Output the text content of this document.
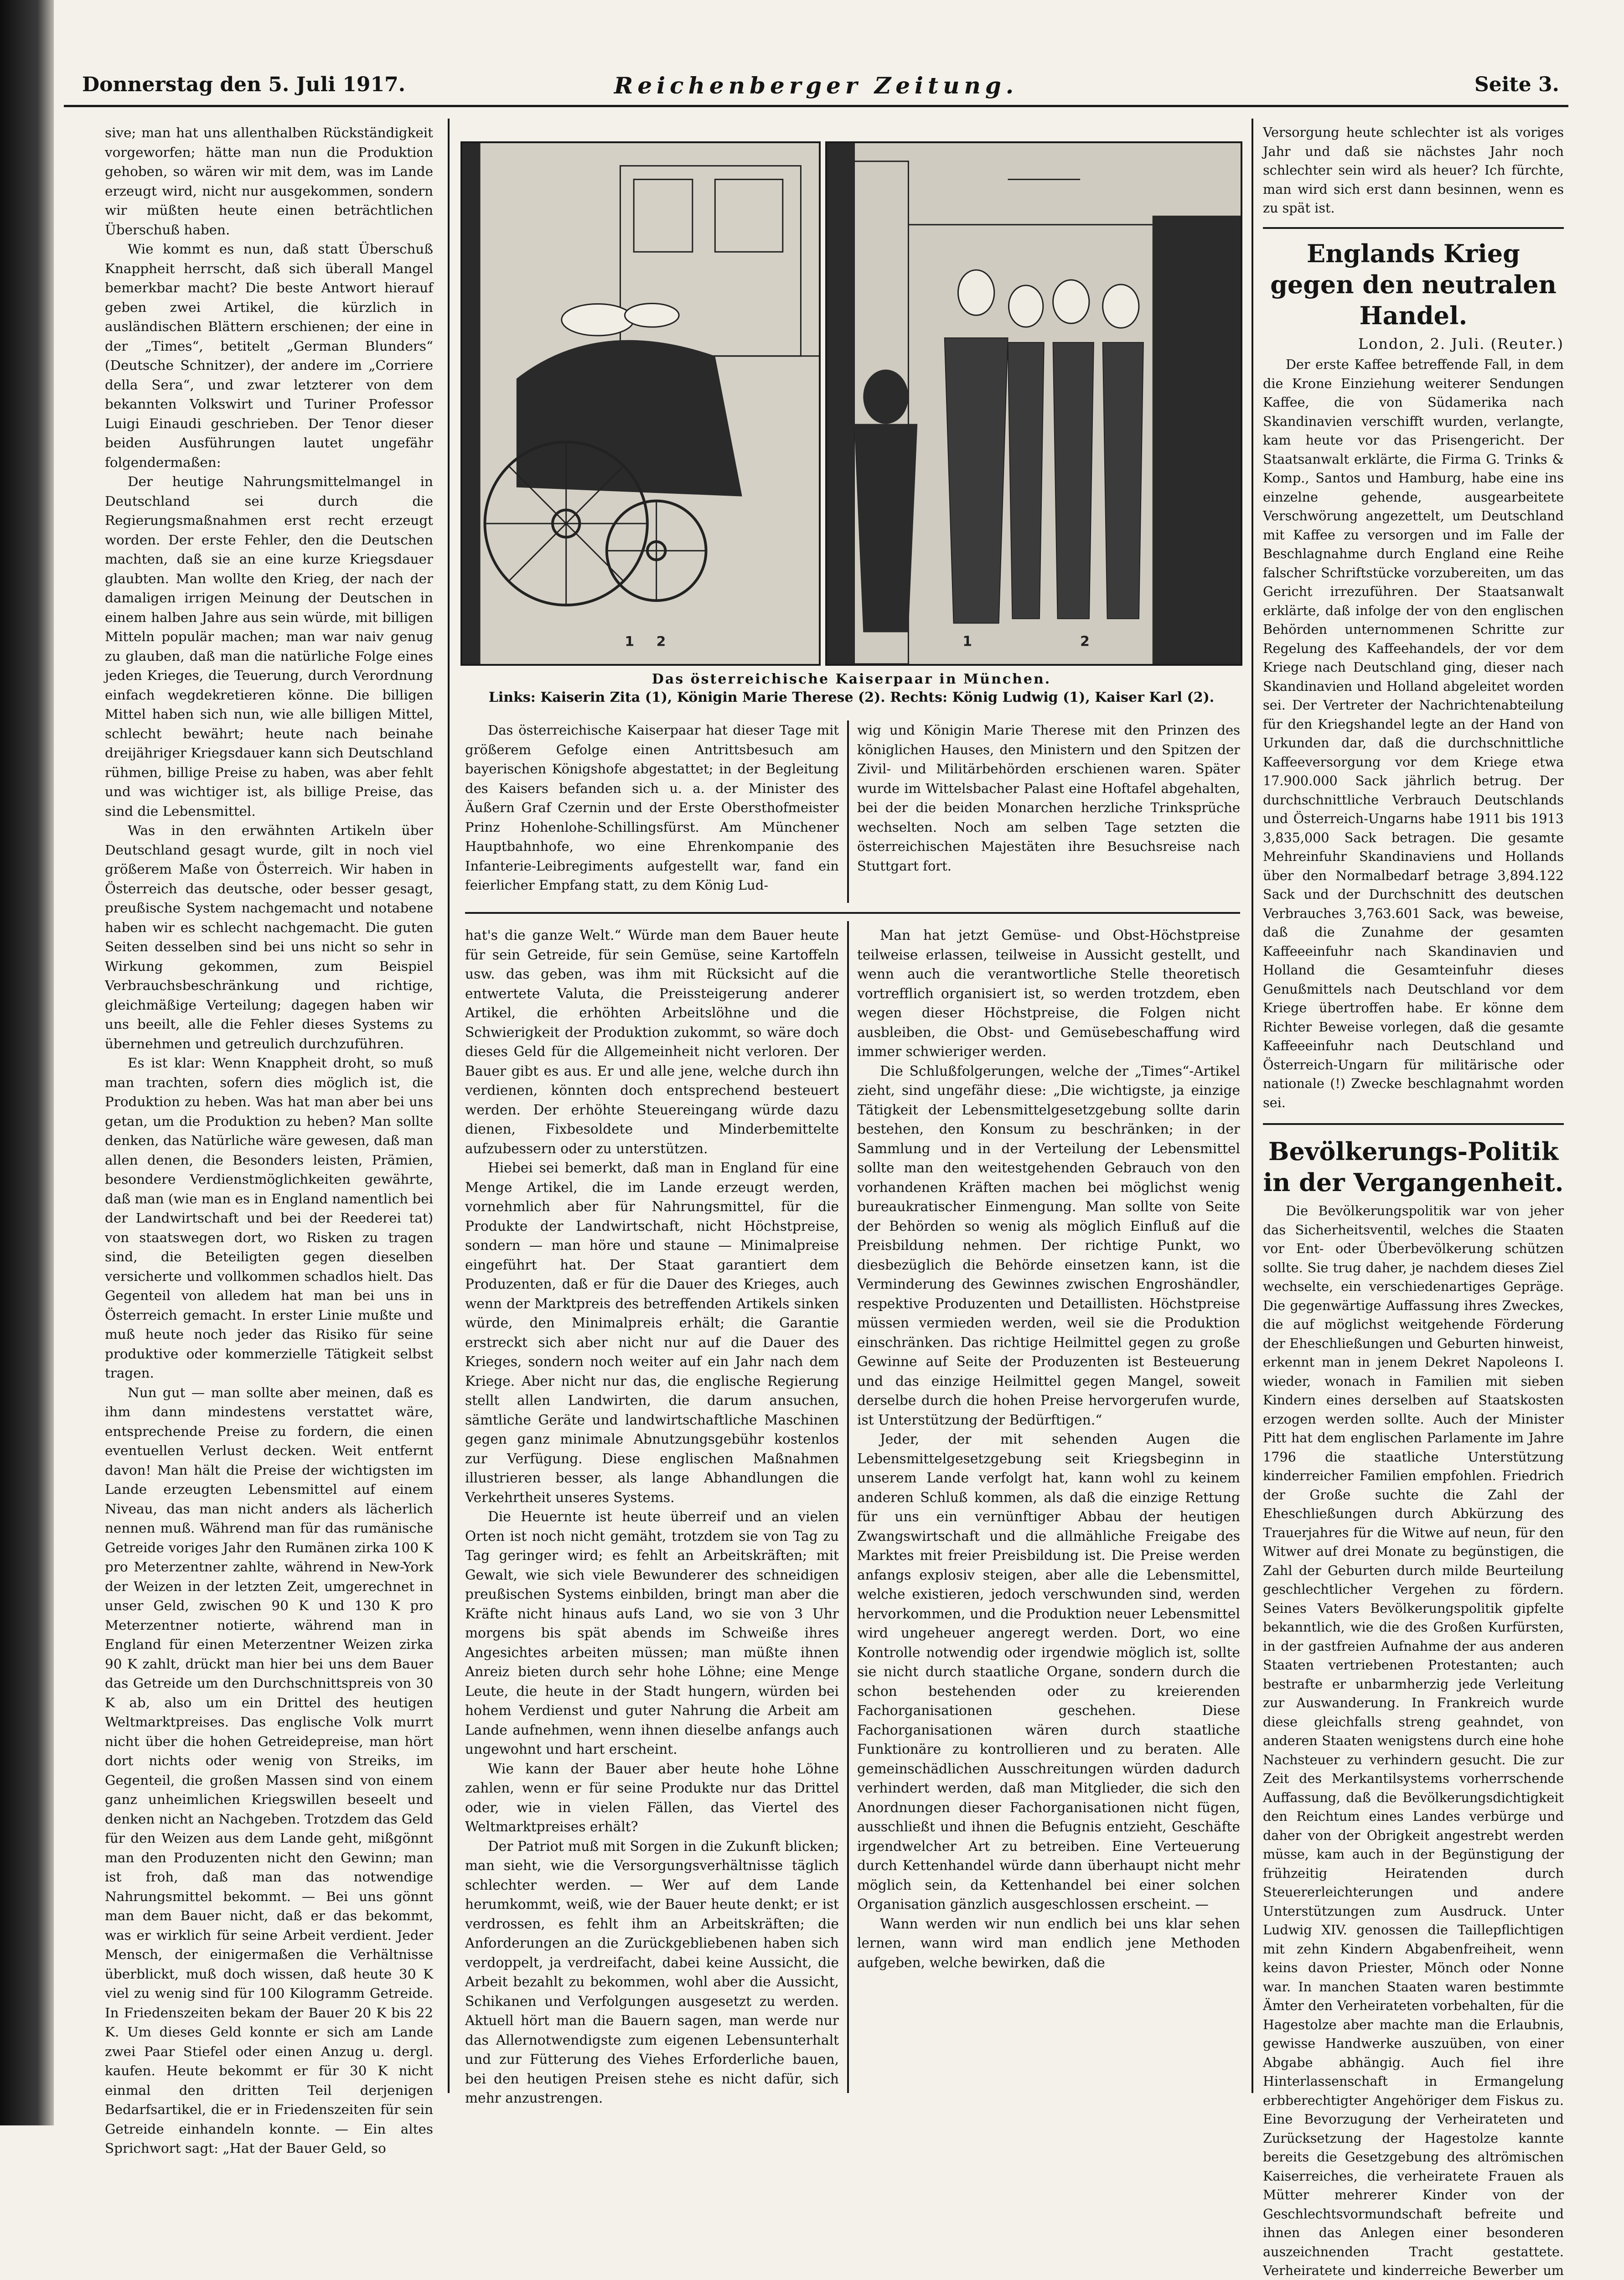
Donnerstag den 5. Juli 1917.	Reichenberger Zeitung.	Seite 3.

sive; man hat uns allenthalben Rückständigkeit vorgeworfen; hätte man nun die Produktion gehoben, so wären wir mit dem, was im Lande erzeugt wird, nicht nur ausgekommen, sondern wir müßten heute einen beträchtlichen Überschuß haben.

Wie kommt es nun, daß statt Überschuß Knappheit herrscht, daß sich überall Mangel bemerkbar macht? Die beste Antwort hierauf geben zwei Artikel, die kürzlich in ausländischen Blättern erschienen; der eine in der „Times“, betitelt „German Blunders“ (Deutsche Schnitzer), der andere im „Corriere della Sera“, und zwar letzterer von dem bekannten Volkswirt und Turiner Professor Luigi Einaudi geschrieben. Der Tenor dieser beiden Ausführungen lautet ungefähr folgendermaßen:

Der heutige Nahrungsmittelmangel in Deutschland sei durch die Regierungsmaßnahmen erst recht erzeugt worden. Der erste Fehler, den die Deutschen machten, daß sie an eine kurze Kriegsdauer glaubten. Man wollte den Krieg, der nach der damaligen irrigen Meinung der Deutschen in einem halben Jahre aus sein würde, mit billigen Mitteln populär machen; man war naiv genug zu glauben, daß man die natürliche Folge eines jeden Krieges, die Teuerung, durch Verordnung einfach wegdekretieren könne. Die billigen Mittel haben sich nun, wie alle billigen Mittel, schlecht bewährt; heute nach beinahe dreijähriger Kriegsdauer kann sich Deutschland rühmen, billige Preise zu haben, was aber fehlt und was wichtiger ist, als billige Preise, das sind die Lebensmittel.

Was in den erwähnten Artikeln über Deutschland gesagt wurde, gilt in noch viel größerem Maße von Österreich. Wir haben in Österreich das deutsche, oder besser gesagt, preußische System nachgemacht und notabene haben wir es schlecht nachgemacht. Die guten Seiten desselben sind bei uns nicht so sehr in Wirkung gekommen, zum Beispiel Verbrauchsbeschränkung und richtige, gleichmäßige Verteilung; dagegen haben wir uns beeilt, alle die Fehler dieses Systems zu übernehmen und getreulich durchzuführen.

Es ist klar: Wenn Knappheit droht, so muß man trachten, sofern dies möglich ist, die Produktion zu heben. Was hat man aber bei uns getan, um die Produktion zu heben? Man sollte denken, das Natürliche wäre gewesen, daß man allen denen, die Besonders leisten, Prämien, besondere Verdienstmöglichkeiten gewährte, daß man (wie man es in England namentlich bei der Landwirtschaft und bei der Reederei tat) von staatswegen dort, wo Risken zu tragen sind, die Beteiligten gegen dieselben versicherte und vollkommen schadlos hielt. Das Gegenteil von alledem hat man bei uns in Österreich gemacht. In erster Linie mußte und muß heute noch jeder das Risiko für seine produktive oder kommerzielle Tätigkeit selbst tragen.

Nun gut — man sollte aber meinen, daß es ihm dann mindestens verstattet wäre, entsprechende Preise zu fordern, die einen eventuellen Verlust decken. Weit entfernt davon! Man hält die Preise der wichtigsten im Lande erzeugten Lebensmittel auf einem Niveau, das man nicht anders als lächerlich nennen muß. Während man für das rumänische Getreide voriges Jahr den Rumänen zirka 100 K pro Meterzentner zahlte, während in New-York der Weizen in der letzten Zeit, umgerechnet in unser Geld, zwischen 90 K und 130 K pro Meterzentner notierte, während man in England für einen Meterzentner Weizen zirka 90 K zahlt, drückt man hier bei uns dem Bauer das Getreide um den Durchschnittspreis von 30 K ab, also um ein Drittel des heutigen Weltmarktpreises. Das englische Volk murrt nicht über die hohen Getreidepreise, man hört dort nichts oder wenig von Streiks, im Gegenteil, die großen Massen sind von einem ganz unheimlichen Kriegswillen beseelt und denken nicht an Nachgeben. Trotzdem das Geld für den Weizen aus dem Lande geht, mißgönnt man den Produzenten nicht den Gewinn; man ist froh, daß man das notwendige Nahrungsmittel bekommt. — Bei uns gönnt man dem Bauer nicht, daß er das bekommt, was er wirklich für seine Arbeit verdient. Jeder Mensch, der einigermaßen die Verhältnisse überblickt, muß doch wissen, daß heute 30 K viel zu wenig sind für 100 Kilogramm Getreide. In Friedenszeiten bekam der Bauer 20 K bis 22 K. Um dieses Geld konnte er sich am Lande zwei Paar Stiefel oder einen Anzug u. dergl. kaufen. Heute bekommt er für 30 K nicht einmal den dritten Teil derjenigen Bedarfsartikel, die er in Friedenszeiten für sein Getreide einhandeln konnte. — Ein altes Sprichwort sagt: „Hat der Bauer Geld, so

1 2	1	2
Das österreichische Kaiserpaar in München.
Links: Kaiserin Zita (1), Königin Marie Therese (2). Rechts: König Ludwig (1), Kaiser Karl (2).

Das österreichische Kaiserpaar hat dieser Tage mit größerem Gefolge einen Antrittsbesuch am bayerischen Königshofe abgestattet; in der Begleitung des Kaisers befanden sich u. a. der Minister des Äußern Graf Czernin und der Erste Obersthofmeister Prinz Hohenlohe-Schillingsfürst. Am Münchener Hauptbahnhofe, wo eine Ehrenkompanie des Infanterie-Leibregiments aufgestellt war, fand ein feierlicher Empfang statt, zu dem König Lud-

wig und Königin Marie Therese mit den Prinzen des königlichen Hauses, den Ministern und den Spitzen der Zivil- und Militärbehörden erschienen waren. Später wurde im Wittelsbacher Palast eine Hoftafel abgehalten, bei der die beiden Monarchen herzliche Trinksprüche wechselten. Noch am selben Tage setzten die österreichischen Majestäten ihre Besuchsreise nach Stuttgart fort.

hat's die ganze Welt.“ Würde man dem Bauer heute für sein Getreide, für sein Gemüse, seine Kartoffeln usw. das geben, was ihm mit Rücksicht auf die entwertete Valuta, die Preissteigerung anderer Artikel, die erhöhten Arbeitslöhne und die Schwierigkeit der Produktion zukommt, so wäre doch dieses Geld für die Allgemeinheit nicht verloren. Der Bauer gibt es aus. Er und alle jene, welche durch ihn verdienen, könnten doch entsprechend besteuert werden. Der erhöhte Steuereingang würde dazu dienen, Fixbesoldete und Minderbemittelte aufzubessern oder zu unterstützen.

Hiebei sei bemerkt, daß man in England für eine Menge Artikel, die im Lande erzeugt werden, vornehmlich aber für Nahrungsmittel, für die Produkte der Landwirtschaft, nicht Höchstpreise, sondern — man höre und staune — Minimalpreise eingeführt hat. Der Staat garantiert dem Produzenten, daß er für die Dauer des Krieges, auch wenn der Marktpreis des betreffenden Artikels sinken würde, den Minimalpreis erhält; die Garantie erstreckt sich aber nicht nur auf die Dauer des Krieges, sondern noch weiter auf ein Jahr nach dem Kriege. Aber nicht nur das, die englische Regierung stellt allen Landwirten, die darum ansuchen, sämtliche Geräte und landwirtschaftliche Maschinen gegen ganz minimale Abnutzungsgebühr kostenlos zur Verfügung. Diese englischen Maßnahmen illustrieren besser, als lange Abhandlungen die Verkehrtheit unseres Systems.

Die Heuernte ist heute überreif und an vielen Orten ist noch nicht gemäht, trotzdem sie von Tag zu Tag geringer wird; es fehlt an Arbeitskräften; mit Gewalt, wie sich viele Bewunderer des schneidigen preußischen Systems einbilden, bringt man aber die Kräfte nicht hinaus aufs Land, wo sie von 3 Uhr morgens bis spät abends im Schweiße ihres Angesichtes arbeiten müssen; man müßte ihnen Anreiz bieten durch sehr hohe Löhne; eine Menge Leute, die heute in der Stadt hungern, würden bei hohem Verdienst und guter Nahrung die Arbeit am Lande aufnehmen, wenn ihnen dieselbe anfangs auch ungewohnt und hart erscheint.

Wie kann der Bauer aber heute hohe Löhne zahlen, wenn er für seine Produkte nur das Drittel oder, wie in vielen Fällen, das Viertel des Weltmarktpreises erhält?

Der Patriot muß mit Sorgen in die Zukunft blicken; man sieht, wie die Versorgungsverhältnisse täglich schlechter werden. — Wer auf dem Lande herumkommt, weiß, wie der Bauer heute denkt; er ist verdrossen, es fehlt ihm an Arbeitskräften; die Anforderungen an die Zurückgebliebenen haben sich verdoppelt, ja verdreifacht, dabei keine Aussicht, die Arbeit bezahlt zu bekommen, wohl aber die Aussicht, Schikanen und Verfolgungen ausgesetzt zu werden. Aktuell hört man die Bauern sagen, man werde nur das Allernotwendigste zum eigenen Lebensunterhalt und zur Fütterung des Viehes Erforderliche bauen, bei den heutigen Preisen stehe es nicht dafür, sich mehr anzustrengen.

Man hat jetzt Gemüse- und Obst-Höchstpreise teilweise erlassen, teilweise in Aussicht gestellt, und wenn auch die verantwortliche Stelle theoretisch vortrefflich organisiert ist, so werden trotzdem, eben wegen dieser Höchstpreise, die Folgen nicht ausbleiben, die Obst- und Gemüsebeschaffung wird immer schwieriger werden.

Die Schlußfolgerungen, welche der „Times“-Artikel zieht, sind ungefähr diese: „Die wichtigste, ja einzige Tätigkeit der Lebensmittelgesetzgebung sollte darin bestehen, den Konsum zu beschränken; in der Sammlung und in der Verteilung der Lebensmittel sollte man den weitestgehenden Gebrauch von den vorhandenen Kräften machen bei möglichst wenig bureaukratischer Einmengung. Man sollte von Seite der Behörden so wenig als möglich Einfluß auf die Preisbildung nehmen. Der richtige Punkt, wo diesbezüglich die Behörde einsetzen kann, ist die Verminderung des Gewinnes zwischen Engroshändler, respektive Produzenten und Detaillisten. Höchstpreise müssen vermieden werden, weil sie die Produktion einschränken. Das richtige Heilmittel gegen zu große Gewinne auf Seite der Produzenten ist Besteuerung und das einzige Heilmittel gegen Mangel, soweit derselbe durch die hohen Preise hervorgerufen wurde, ist Unterstützung der Bedürftigen.“

Jeder, der mit sehenden Augen die Lebensmittelgesetzgebung seit Kriegsbeginn in unserem Lande verfolgt hat, kann wohl zu keinem anderen Schluß kommen, als daß die einzige Rettung für uns ein vernünftiger Abbau der heutigen Zwangswirtschaft und die allmähliche Freigabe des Marktes mit freier Preisbildung ist. Die Preise werden anfangs explosiv steigen, aber alle die Lebensmittel, welche existieren, jedoch verschwunden sind, werden hervorkommen, und die Produktion neuer Lebensmittel wird ungeheuer angeregt werden. Dort, wo eine Kontrolle notwendig oder irgendwie möglich ist, sollte sie nicht durch staatliche Organe, sondern durch die schon bestehenden oder zu kreierenden Fachorganisationen geschehen. Diese Fachorganisationen wären durch staatliche Funktionäre zu kontrollieren und zu beraten. Alle gemeinschädlichen Ausschreitungen würden dadurch verhindert werden, daß man Mitglieder, die sich den Anordnungen dieser Fachorganisationen nicht fügen, ausschließt und ihnen die Befugnis entzieht, Geschäfte irgendwelcher Art zu betreiben. Eine Verteuerung durch Kettenhandel würde dann überhaupt nicht mehr möglich sein, da Kettenhandel bei einer solchen Organisation gänzlich ausgeschlossen erscheint. —

Wann werden wir nun endlich bei uns klar sehen lernen, wann wird man endlich jene Methoden aufgeben, welche bewirken, daß die

Versorgung heute schlechter ist als voriges Jahr und daß sie nächstes Jahr noch schlechter sein wird als heuer? Ich fürchte, man wird sich erst dann besinnen, wenn es zu spät ist.

Englands Krieg gegen den neutralen Handel.
London, 2. Juli. (Reuter.)

Der erste Kaffee betreffende Fall, in dem die Krone Einziehung weiterer Sendungen Kaffee, die von Südamerika nach Skandinavien verschifft wurden, verlangte, kam heute vor das Prisengericht. Der Staatsanwalt erklärte, die Firma G. Trinks & Komp., Santos und Hamburg, habe eine ins einzelne gehende, ausgearbeitete Verschwörung angezettelt, um Deutschland mit Kaffee zu versorgen und im Falle der Beschlagnahme durch England eine Reihe falscher Schriftstücke vorzubereiten, um das Gericht irrezuführen. Der Staatsanwalt erklärte, daß infolge der von den englischen Behörden unternommenen Schritte zur Regelung des Kaffeehandels, der vor dem Kriege nach Deutschland ging, dieser nach Skandinavien und Holland abgeleitet worden sei. Der Vertreter der Nachrichtenabteilung für den Kriegshandel legte an der Hand von Urkunden dar, daß die durchschnittliche Kaffeeversorgung vor dem Kriege etwa 17.900.000 Sack jährlich betrug. Der durchschnittliche Verbrauch Deutschlands und Österreich-Ungarns habe 1911 bis 1913 3,835,000 Sack betragen. Die gesamte Mehreinfuhr Skandinaviens und Hollands über den Normalbedarf betrage 3,894.122 Sack und der Durchschnitt des deutschen Verbrauches 3,763.601 Sack, was beweise, daß die Zunahme der gesamten Kaffeeeinfuhr nach Skandinavien und Holland die Gesamteinfuhr dieses Genußmittels nach Deutschland vor dem Kriege übertroffen habe. Er könne dem Richter Beweise vorlegen, daß die gesamte Kaffeeeinfuhr nach Deutschland und Österreich-Ungarn für militärische oder nationale (!) Zwecke beschlagnahmt worden sei.

Bevölkerungs-Politik in der Vergangenheit.

Die Bevölkerungspolitik war von jeher das Sicherheitsventil, welches die Staaten vor Ent- oder Überbevölkerung schützen sollte. Sie trug daher, je nachdem dieses Ziel wechselte, ein verschiedenartiges Gepräge. Die gegenwärtige Auffassung ihres Zweckes, die auf möglichst weitgehende Förderung der Eheschließungen und Geburten hinweist, erkennt man in jenem Dekret Napoleons I. wieder, wonach in Familien mit sieben Kindern eines derselben auf Staatskosten erzogen werden sollte. Auch der Minister Pitt hat dem englischen Parlamente im Jahre 1796 die staatliche Unterstützung kinderreicher Familien empfohlen. Friedrich der Große suchte die Zahl der Eheschließungen durch Abkürzung des Trauerjahres für die Witwe auf neun, für den Witwer auf drei Monate zu begünstigen, die Zahl der Geburten durch milde Beurteilung geschlechtlicher Vergehen zu fördern. Seines Vaters Bevölkerungspolitik gipfelte bekanntlich, wie die des Großen Kurfürsten, in der gastfreien Aufnahme der aus anderen Staaten vertriebenen Protestanten; auch bestrafte er unbarmherzig jede Verleitung zur Auswanderung. In Frankreich wurde diese gleichfalls streng geahndet, von anderen Staaten wenigstens durch eine hohe Nachsteuer zu verhindern gesucht. Die zur Zeit des Merkantilsystems vorherrschende Auffassung, daß die Bevölkerungsdichtigkeit den Reichtum eines Landes verbürge und daher von der Obrigkeit angestrebt werden müsse, kam auch in der Begünstigung der frühzeitig Heiratenden durch Steuererleichterungen und andere Unterstützungen zum Ausdruck. Unter Ludwig XIV. genossen die Taillepflichtigen mit zehn Kindern Abgabenfreiheit, wenn keins davon Priester, Mönch oder Nonne war. In manchen Staaten waren bestimmte Ämter den Verheirateten vorbehalten, für die Hagestolze aber machte man die Erlaubnis, gewisse Handwerke auszuüben, von einer Abgabe abhängig. Auch fiel ihre Hinterlassenschaft in Ermangelung erbberechtigter Angehöriger dem Fiskus zu. Eine Bevorzugung der Verheirateten und Zurücksetzung der Hagestolze kannte bereits die Gesetzgebung des altrömischen Kaiserreiches, die verheiratete Frauen als Mütter mehrerer Kinder von der Geschlechtsvormundschaft befreite und ihnen das Anlegen einer besonderen auszeichnenden Tracht gestattete. Verheiratete und kinderreiche Bewerber um
